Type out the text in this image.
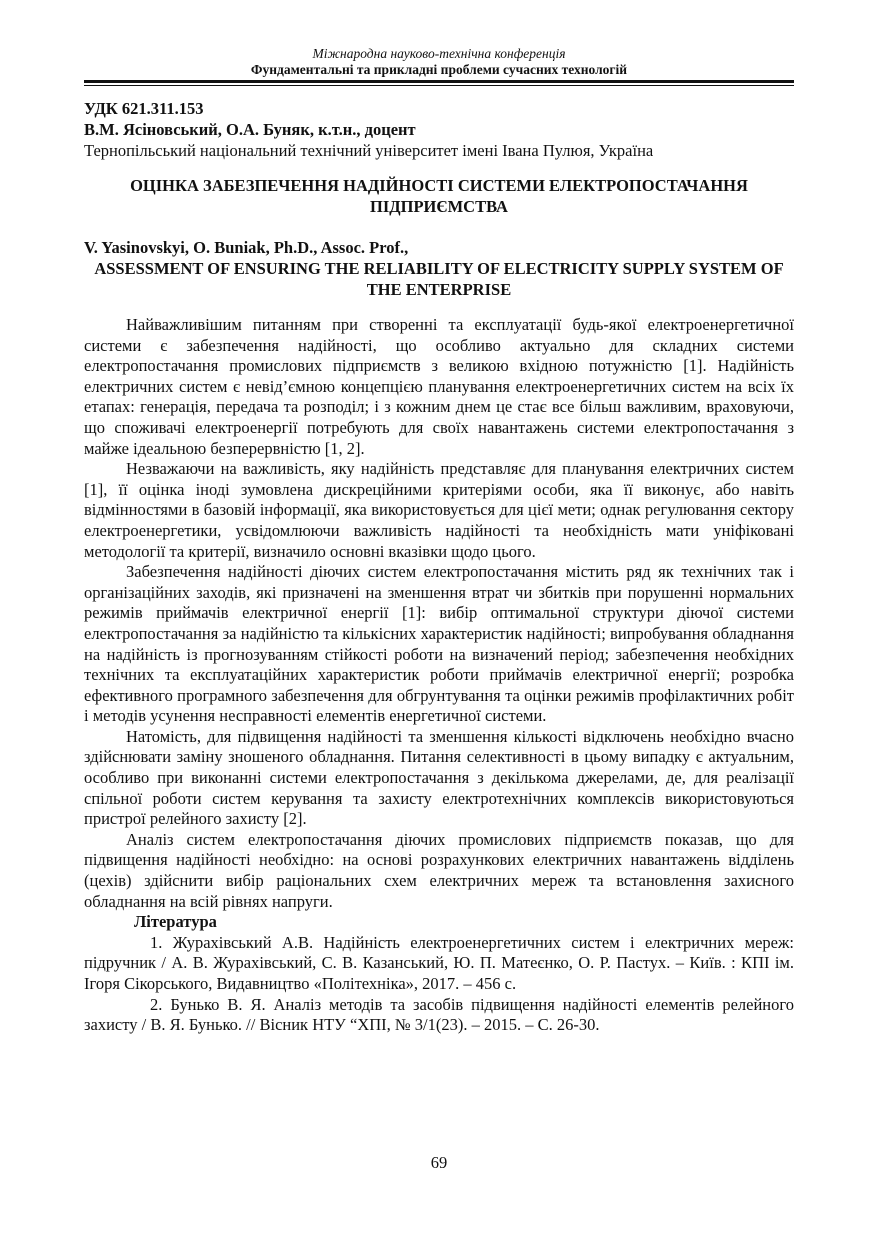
Міжнародна науково-технічна конференція
Фундаментальні та прикладні проблеми сучасних технологій
УДК 621.311.153
В.М. Ясіновський, О.А. Буняк, к.т.н., доцент
Тернопільський національний технічний університет імені Івана Пулюя, Україна
ОЦІНКА ЗАБЕЗПЕЧЕННЯ НАДІЙНОСТІ СИСТЕМИ ЕЛЕКТРОПОСТАЧАННЯ ПІДПРИЄМСТВА
V. Yasinovskyi, O. Buniak, Ph.D., Assoc. Prof.,
ASSESSMENT OF ENSURING THE RELIABILITY OF ELECTRICITY SUPPLY SYSTEM OF THE ENTERPRISE

Найважливішим питанням при створенні та експлуатації будь-якої електроенергетичної системи є забезпечення надійності, що особливо актуально для складних системи електропостачання промислових підприємств з великою вхідною потужністю [1]. Надійність електричних систем є невід’ємною концепцією планування електроенергетичних систем на всіх їх етапах: генерація, передача та розподіл; і з кожним днем це стає все більш важливим, враховуючи, що споживачі електроенергії потребують для своїх навантажень системи електропостачання з майже ідеальною безперервністю [1, 2].

Незважаючи на важливість, яку надійність представляє для планування електричних систем [1], її оцінка іноді зумовлена дискреційними критеріями особи, яка її виконує, або навіть відмінностями в базовій інформації, яка використовується для цієї мети; однак регулювання сектору електроенергетики, усвідомлюючи важливість надійності та необхідність мати уніфіковані методології та критерії, визначило основні вказівки щодо цього.

Забезпечення надійності діючих систем електропостачання містить ряд як технічних так і організаційних заходів, які призначені на зменшення втрат чи збитків при порушенні нормальних режимів приймачів електричної енергії [1]: вибір оптимальної структури діючої системи електропостачання за надійністю та кількісних характеристик надійності; випробування обладнання на надійність із прогнозуванням стійкості роботи на визначений період; забезпечення необхідних технічних та експлуатаційних характеристик роботи приймачів електричної енергії; розробка ефективного програмного забезпечення для обгрунтування та оцінки режимів профілактичних робіт і методів усунення несправності елементів енергетичної системи.

Натомість, для підвищення надійності та зменшення кількості відключень необхідно вчасно здійснювати заміну зношеного обладнання. Питання селективності в цьому випадку є актуальним, особливо при виконанні системи електропостачання з декількома джерелами, де, для реалізації спільної роботи систем керування та захисту електротехнічних комплексів використовуються пристрої релейного захисту [2].

Аналіз систем електропостачання діючих промислових підприємств показав, що для підвищення надійності необхідно: на основі розрахункових електричних навантажень відділень (цехів) здійснити вибір раціональних схем електричних мереж та встановлення захисного обладнання на всій рівнях напруги.

Література

1. Журахівський А.В. Надійність електроенергетичних систем і електричних мереж: підручник / А. В. Журахівський, С. В. Казанський, Ю. П. Матеєнко, О. Р. Пастух. – Київ. : КПІ ім. Ігоря Сікорського, Видавництво «Політехніка», 2017. – 456 с.

2. Бунько В. Я. Аналіз методів та засобів підвищення надійності елементів релейного захисту / В. Я. Бунько. // Вісник НТУ “ХПІ, № 3/1(23). – 2015. – С. 26-30.

69
